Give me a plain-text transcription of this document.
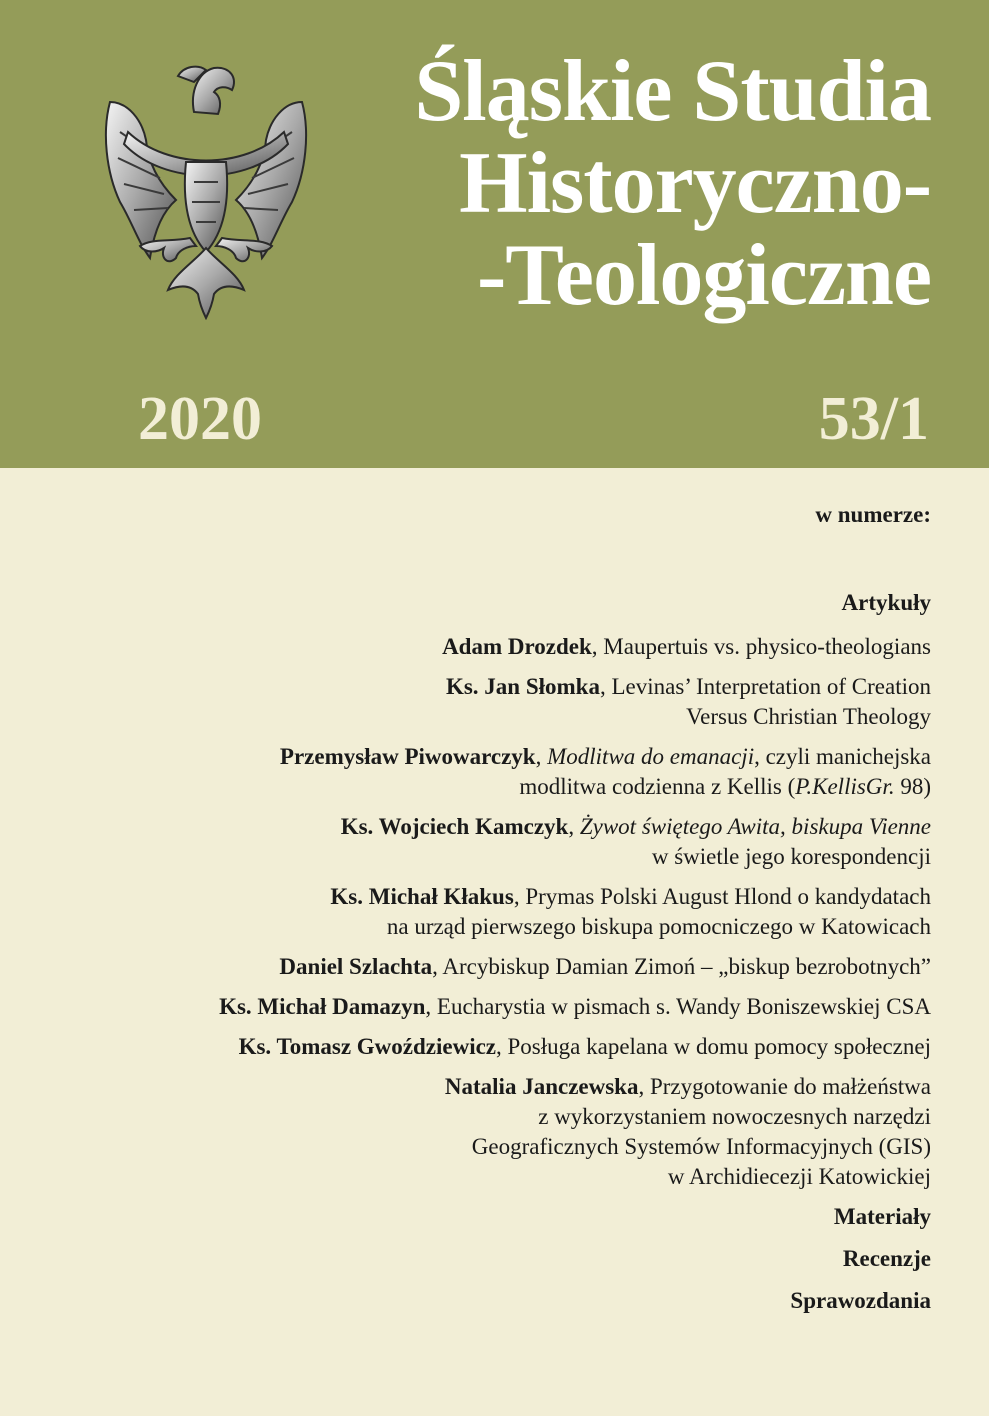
Śląskie Studia
Historyczno-
-Teologiczne
2020	53/1
w numerze:
Artykuły
Adam Drozdek, Maupertuis vs. physico-theologians
Ks. Jan Słomka, Levinas’ Interpretation of Creation
Versus Christian Theology
Przemysław Piwowarczyk, Modlitwa do emanacji, czyli manichejska
modlitwa codzienna z Kellis (P.KellisGr. 98)
Ks. Wojciech Kamczyk, Żywot świętego Awita, biskupa Vienne
w świetle jego korespondencji
Ks. Michał Kłakus, Prymas Polski August Hlond o kandydatach
na urząd pierwszego biskupa pomocniczego w Katowicach
Daniel Szlachta, Arcybiskup Damian Zimoń – „biskup bezrobotnych”
Ks. Michał Damazyn, Eucharystia w pismach s. Wandy Boniszewskiej CSA
Ks. Tomasz Gwoździewicz, Posługa kapelana w domu pomocy społecznej
Natalia Janczewska, Przygotowanie do małżeństwa
z wykorzystaniem nowoczesnych narzędzi
Geograficznych Systemów Informacyjnych (GIS)
w Archidiecezji Katowickiej
Materiały
Recenzje
Sprawozdania
